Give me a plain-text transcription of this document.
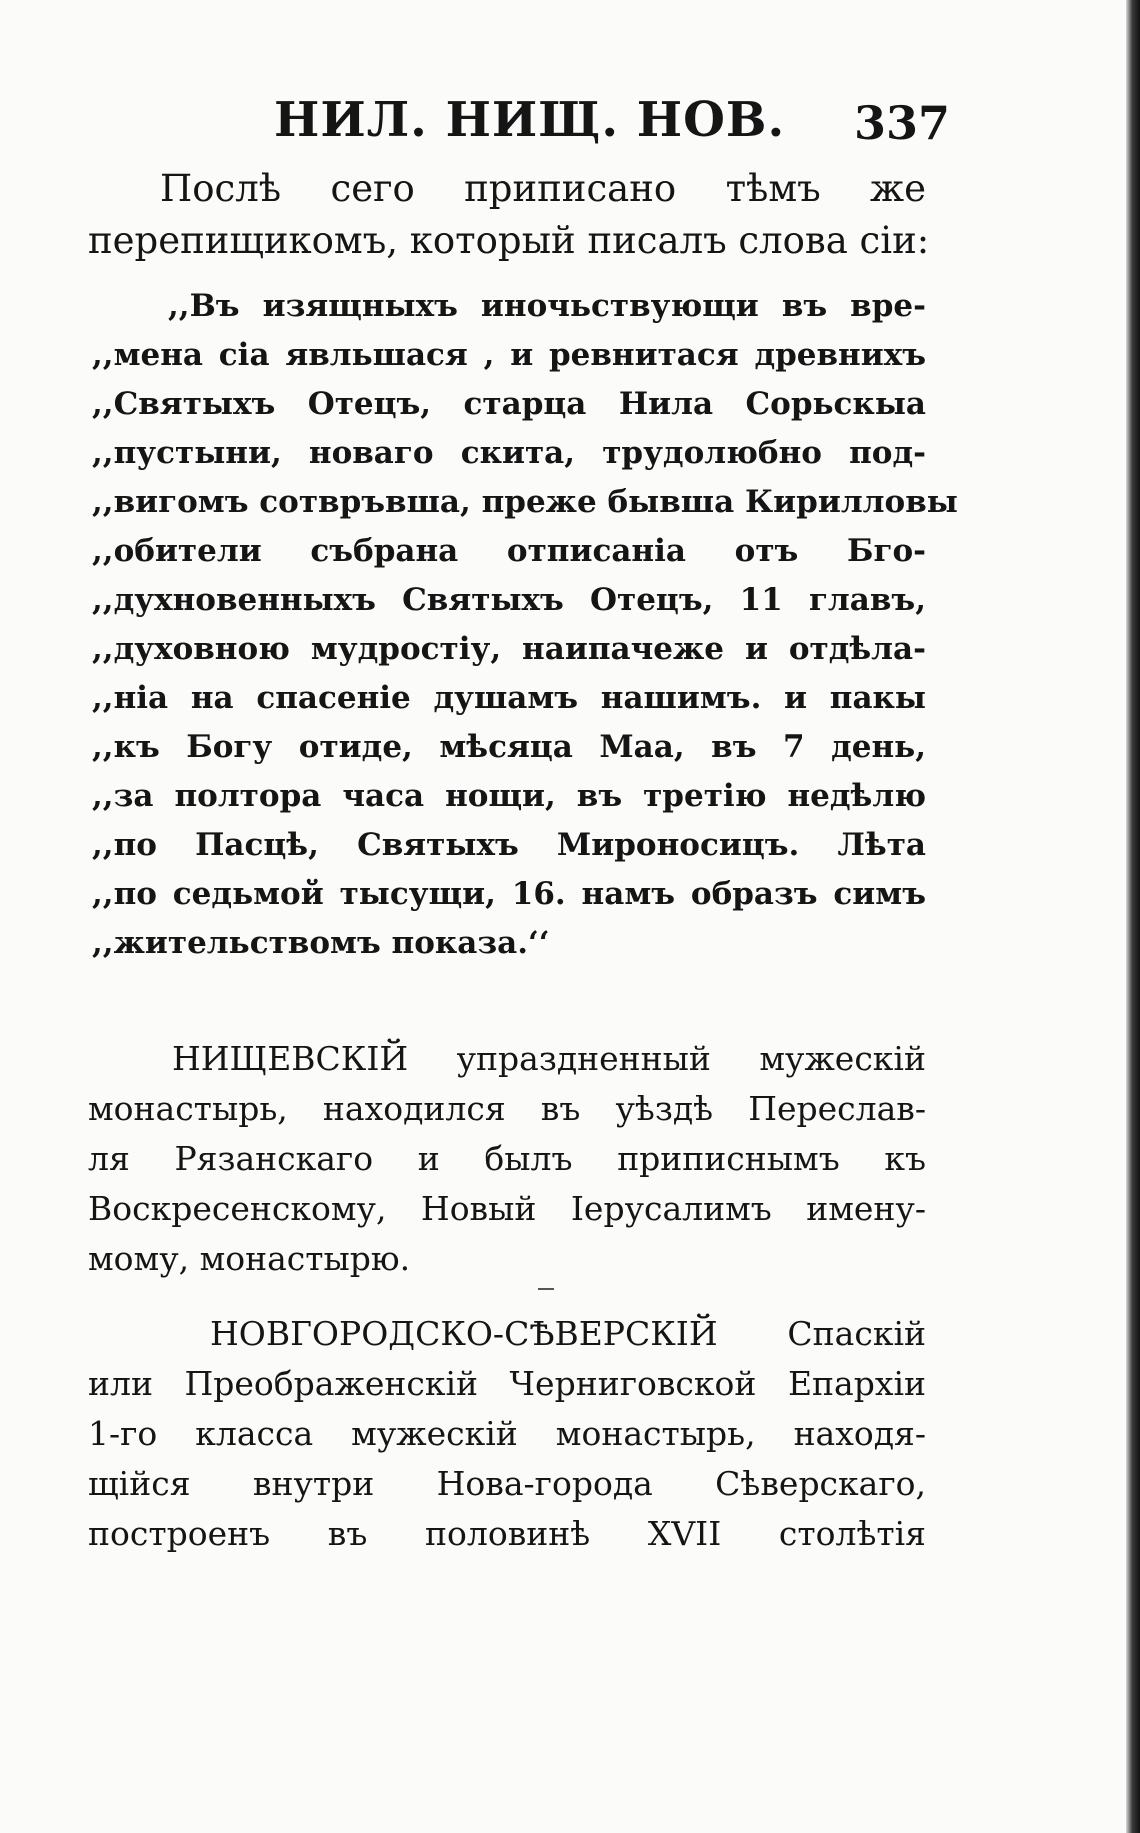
НИЛ. НИЩ. НОВ. 337
Послѣ сего приписано тѣмъ же
перепищикомъ, который писалъ слова сiи:
,,Въ изящныхъ иночьствующи въ вре-
,,мена сiа явльшася , и ревнитася древнихъ
,,Святыхъ Отецъ, старца Нила Сорьскыа
,,пустыни, новаго скита, трудолюбно под-
,,вигомъ сотвръвша, преже бывша Кирилловы
,,обители събрана отписанiа отъ Бго-
,,духновенныхъ Святыхъ Отецъ, 11 главъ,
,,духовною мудростiу, наипачеже и отдѣла-
,,нiа на спасенiе душамъ нашимъ. и пакы
,,къ Богу отиде, мѣсяца Маа, въ 7 день,
,,за полтора часа нощи, въ третiю недѣлю
,,по Пасцѣ, Святыхъ Мироносицъ. Лѣта
,,по седьмой тысущи, 16. намъ образъ симъ
,,жительствомъ показа.‘‘
НИЩЕВСКIЙ упраздненный мужескiй
монастырь, находился въ уѣздѣ Переслав-
ля Рязанскаго и былъ приписнымъ къ
Воскресенскому, Новый Iерусалимъ имену-
мому, монастырю.
НОВГОРОДСКО-СѢВЕРСКIЙ Спаскiй
или Преображенскiй Черниговской Епархiи
1-го класса мужескiй монастырь, находя-
щiйся внутри Нова-города Сѣверскаго,
построенъ въ половинѣ XVII столѣтiя
